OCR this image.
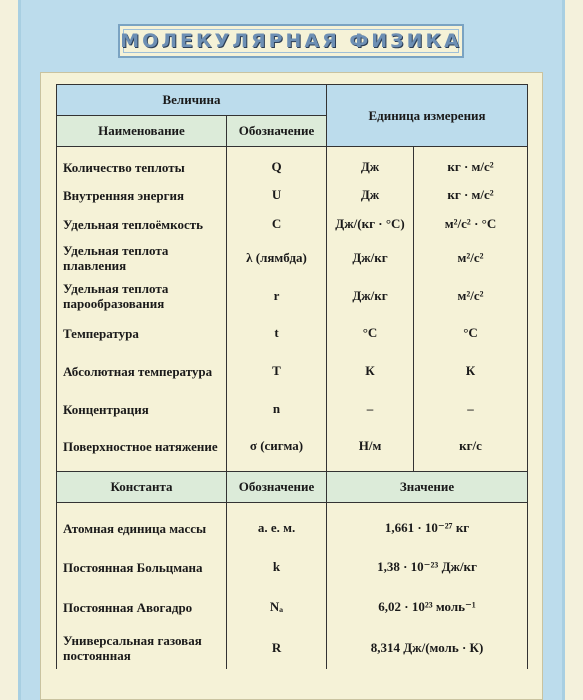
МОЛЕКУЛЯРНАЯ ФИЗИКА
Величина		Единица измерения	
Наименование	Обозначение		

Количество теплоты	Q	Дж	кг · м/с²
Внутренняя энергия	U	Дж	кг · м/с²
Удельная теплоёмкость	C	Дж/(кг · °С)	м²/с² · °С
Удельная теплота плавления	λ (лямбда)	Дж/кг	м²/с²
Удельная теплота парообразования	r	Дж/кг	м²/с²
Температура	t	°С	°С
Абсолютная температура	T	К	К
Концентрация	n	–	–
Поверхностное натяжение	σ (сигма)	Н/м	кг/с

Константа	Обозначение	Значение	

Атомная единица массы	а. е. м.	1,661 · 10⁻²⁷ кг	
Постоянная Больцмана	k	1,38 · 10⁻²³ Дж/кг	
Постоянная Авогадро	Nₐ	6,02 · 10²³ моль⁻¹	
Универсальная газовая постоянная	R	8,314 Дж/(моль · К)	
